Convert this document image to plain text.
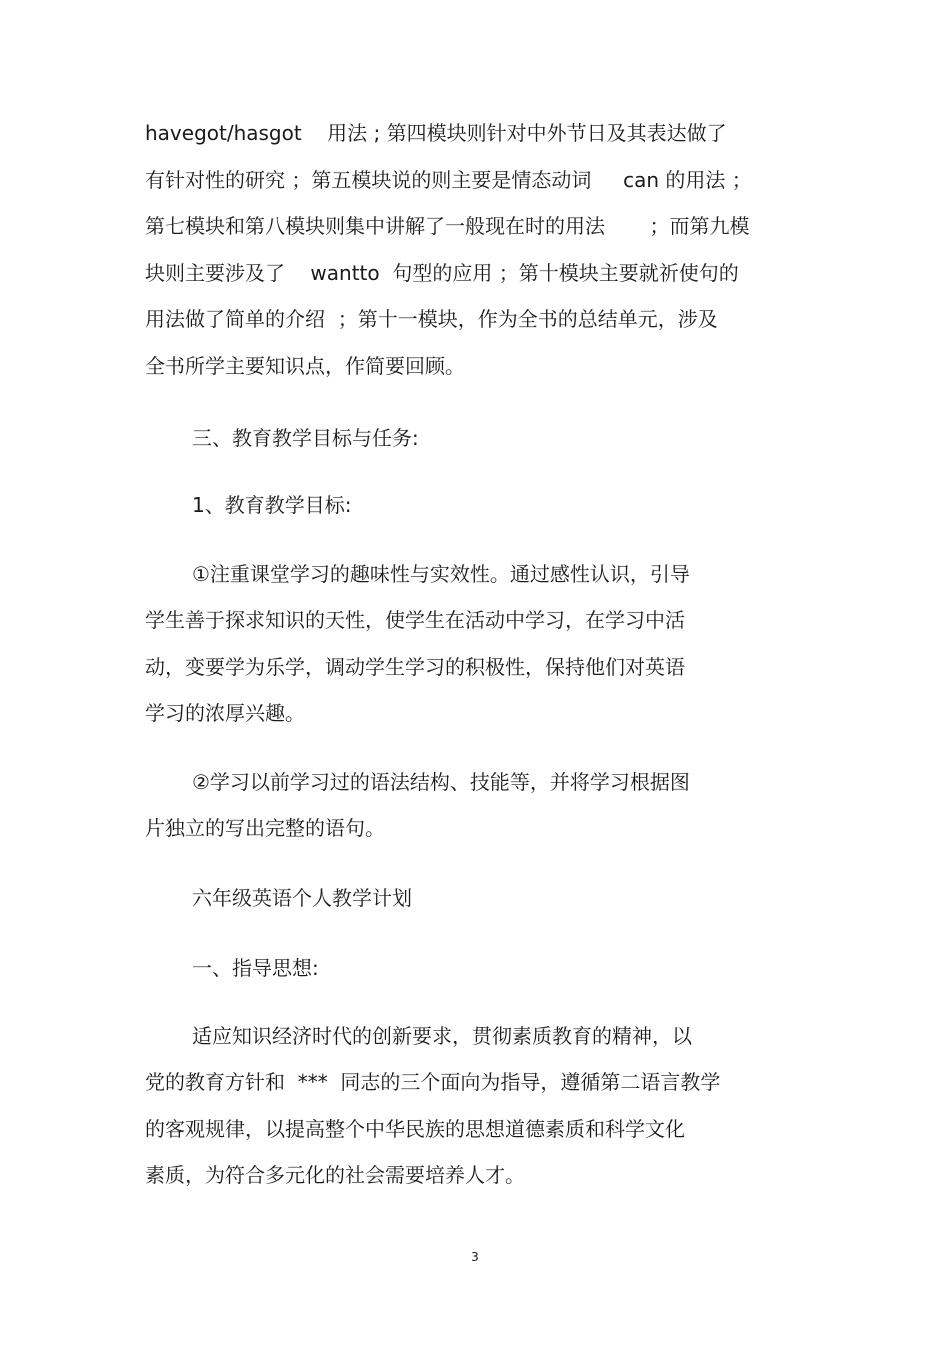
havegot/hasgot    用法 ; 第四模块则针对中外节日及其表达做了
有针对性的研究 ；第五模块说的则主要是情态动词     can 的用法 ；
第七模块和第八模块则集中讲解了一般现在时的用法       ；而第九模
块则主要涉及了    wantto  句型的应用 ；第十模块主要就祈使句的
用法做了简单的介绍  ；第十一模块，作为全书的总结单元，涉及
全书所学主要知识点，作简要回顾。
三、教育教学目标与任务:
1、教育教学目标:
①注重课堂学习的趣味性与实效性。通过感性认识，引导
学生善于探求知识的天性，使学生在活动中学习，在学习中活
动，变要学为乐学，调动学生学习的积极性，保持他们对英语
学习的浓厚兴趣。
②学习以前学习过的语法结构、技能等，并将学习根据图
片独立的写出完整的语句。
六年级英语个人教学计划
一、指导思想:
适应知识经济时代的创新要求，贯彻素质教育的精神，以
党的教育方针和  ***  同志的三个面向为指导，遵循第二语言教学
的客观规律，以提高整个中华民族的思想道德素质和科学文化
素质，为符合多元化的社会需要培养人才。
3
